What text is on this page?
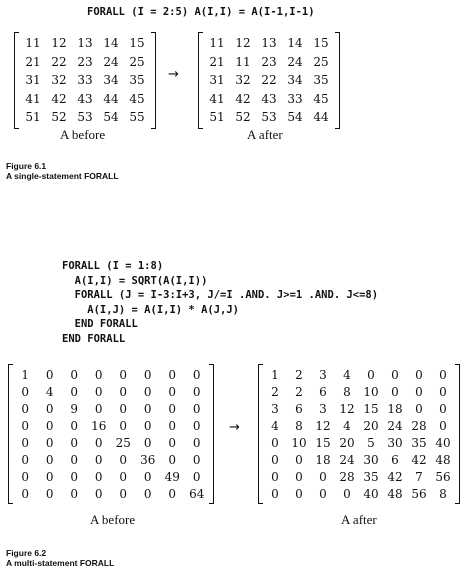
FORALL (I = 2:5) A(I,I) = A(I-1,I-1)
11	12	13	14	15
21	22	23	24	25
31	32	33	34	35
41	42	43	44	45
51	52	53	54	55
→
11	12	13	14	15
21	11	23	24	25
31	32	22	34	35
41	42	43	33	45
51	52	53	54	44
A before	A after
Figure 6.1
A single-statement FORALL
FORALL (I = 1:8)
A(I,I) = SQRT(A(I,I))
FORALL (J = I-3:I+3, J/=I .AND. J>=1 .AND. J<=8)
A(I,J) = A(I,I) * A(J,J)
END FORALL
END FORALL
1	0	0	0	0	0	0	0
0	4	0	0	0	0	0	0
0	0	9	0	0	0	0	0
0	0	0	16	0	0	0	0
0	0	0	0	25	0	0	0
0	0	0	0	0	36	0	0
0	0	0	0	0	0	49	0
0	0	0	0	0	0	0	64
→
1	2	3	4	0	0	0	0
2	2	6	8	10	0	0	0
3	6	3	12	15	18	0	0
4	8	12	4	20	24	28	0
0	10	15	20	5	30	35	40
0	0	18	24	30	6	42	48
0	0	0	28	35	42	7	56
0	0	0	0	40	48	56	8
A before	A after
Figure 6.2
A multi-statement FORALL
